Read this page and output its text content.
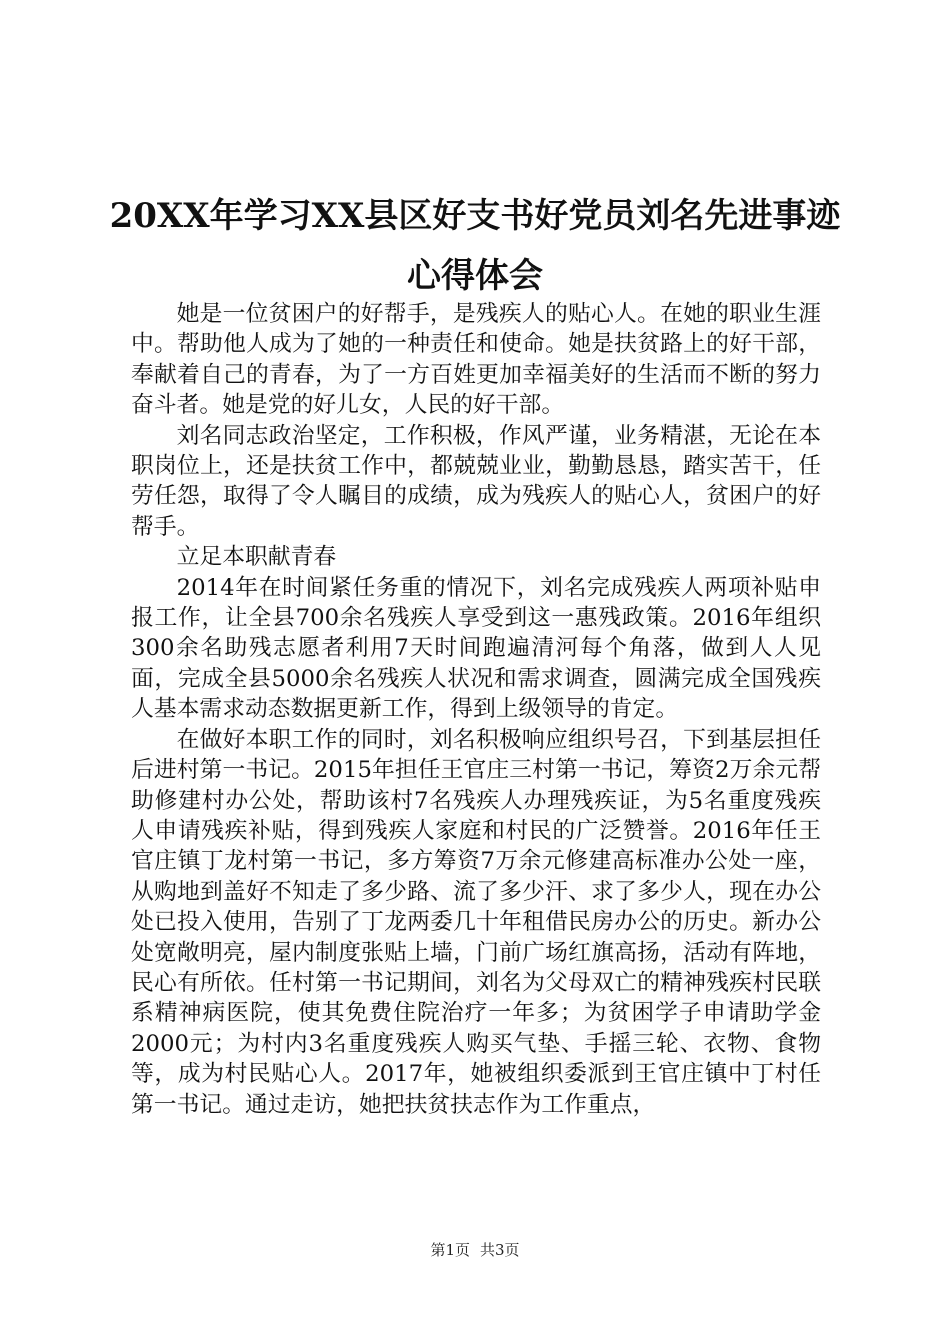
20XX年学习XX县区好支书好党员刘名先进事迹心得体会

她是一位贫困户的好帮手，是残疾人的贴心人。在她的职业生涯中。帮助他人成为了她的一种责任和使命。她是扶贫路上的好干部，奉献着自己的青春，为了一方百姓更加幸福美好的生活而不断的努力奋斗者。她是党的好儿女，人民的好干部。

刘名同志政治坚定，工作积极，作风严谨，业务精湛，无论在本职岗位上，还是扶贫工作中，都兢兢业业，勤勤恳恳，踏实苦干，任劳任怨，取得了令人瞩目的成绩，成为残疾人的贴心人，贫困户的好帮手。

立足本职献青春

2014年在时间紧任务重的情况下，刘名完成残疾人两项补贴申报工作，让全县700余名残疾人享受到这一惠残政策。2016年组织300余名助残志愿者利用7天时间跑遍清河每个角落，做到人人见面，完成全县5000余名残疾人状况和需求调查，圆满完成全国残疾人基本需求动态数据更新工作，得到上级领导的肯定。

在做好本职工作的同时，刘名积极响应组织号召，下到基层担任后进村第一书记。2015年担任王官庄三村第一书记，筹资2万余元帮助修建村办公处，帮助该村7名残疾人办理残疾证，为5名重度残疾人申请残疾补贴，得到残疾人家庭和村民的广泛赞誉。2016年任王官庄镇丁龙村第一书记，多方筹资7万余元修建高标准办公处一座，从购地到盖好不知走了多少路、流了多少汗、求了多少人，现在办公处已投入使用，告别了丁龙两委几十年租借民房办公的历史。新办公处宽敞明亮，屋内制度张贴上墙，门前广场红旗高扬，活动有阵地，民心有所依。任村第一书记期间，刘名为父母双亡的精神残疾村民联系精神病医院，使其免费住院治疗一年多；为贫困学子申请助学金2000元；为村内3名重度残疾人购买气垫、手摇三轮、衣物、食物等，成为村民贴心人。2017年，她被组织委派到王官庄镇中丁村任第一书记。通过走访，她把扶贫扶志作为工作重点，

第1页 共3页
